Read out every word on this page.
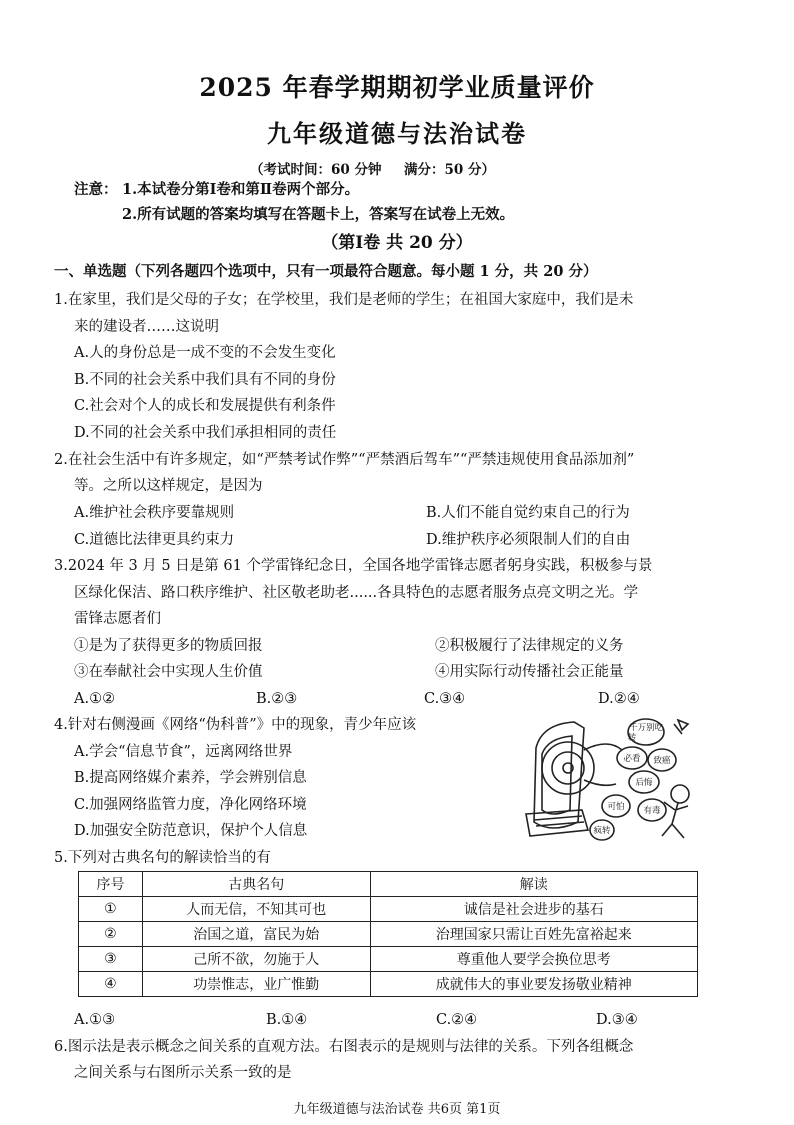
2025 年春学期期初学业质量评价
九年级道德与法治试卷
（考试时间：60 分钟 满分：50 分）
注意： 1.本试卷分第Ⅰ卷和第Ⅱ卷两个部分。
2.所有试题的答案均填写在答题卡上，答案写在试卷上无效。
（第Ⅰ卷 共 20 分）
一、单选题（下列各题四个选项中，只有一项最符合题意。每小题 1 分，共 20 分）
1.在家里，我们是父母的子女；在学校里，我们是老师的学生；在祖国大家庭中，我们是未
来的建设者……这说明
A.人的身份总是一成不变的不会发生变化
B.不同的社会关系中我们具有不同的身份
C.社会对个人的成长和发展提供有利条件
D.不同的社会关系中我们承担相同的责任
2.在社会生活中有许多规定，如“严禁考试作弊”“严禁酒后驾车”“严禁违规使用食品添加剂”
等。之所以这样规定，是因为
A.维护社会秩序要靠规则	B.人们不能自觉约束自己的行为
C.道德比法律更具约束力	D.维护秩序必须限制人们的自由
3.2024 年 3 月 5 日是第 61 个学雷锋纪念日，全国各地学雷锋志愿者躬身实践，积极参与景
区绿化保洁、路口秩序维护、社区敬老助老......各具特色的志愿者服务点亮文明之光。学
雷锋志愿者们
①是为了获得更多的物质回报	②积极履行了法律规定的义务
③在奉献社会中实现人生价值	④用实际行动传播社会正能量
A.①②	B.②③	C.③④	D.②④
4.针对右侧漫画《网络“伪科普”》中的现象，青少年应该
A.学会“信息节食”，远离网络世界
B.提高网络媒介素养，学会辨别信息
C.加强网络监管力度，净化网络环境
D.加强安全防范意识，保护个人信息
千万别吃
必看 致癌
后悔
可怕 有毒
转
疯转
5.下列对古典名句的解读恰当的有
序号	古典名句	解读
①	人而无信，不知其可也	诚信是社会进步的基石
②	治国之道，富民为始	治理国家只需让百姓先富裕起来
③	己所不欲，勿施于人	尊重他人要学会换位思考
④	功崇惟志，业广惟勤	成就伟大的事业要发扬敬业精神
A.①③	B.①④	C.②④	D.③④
6.图示法是表示概念之间关系的直观方法。右图表示的是规则与法律的关系。下列各组概念
之间关系与右图所示关系一致的是
九年级道德与法治试卷 共6页 第1页
